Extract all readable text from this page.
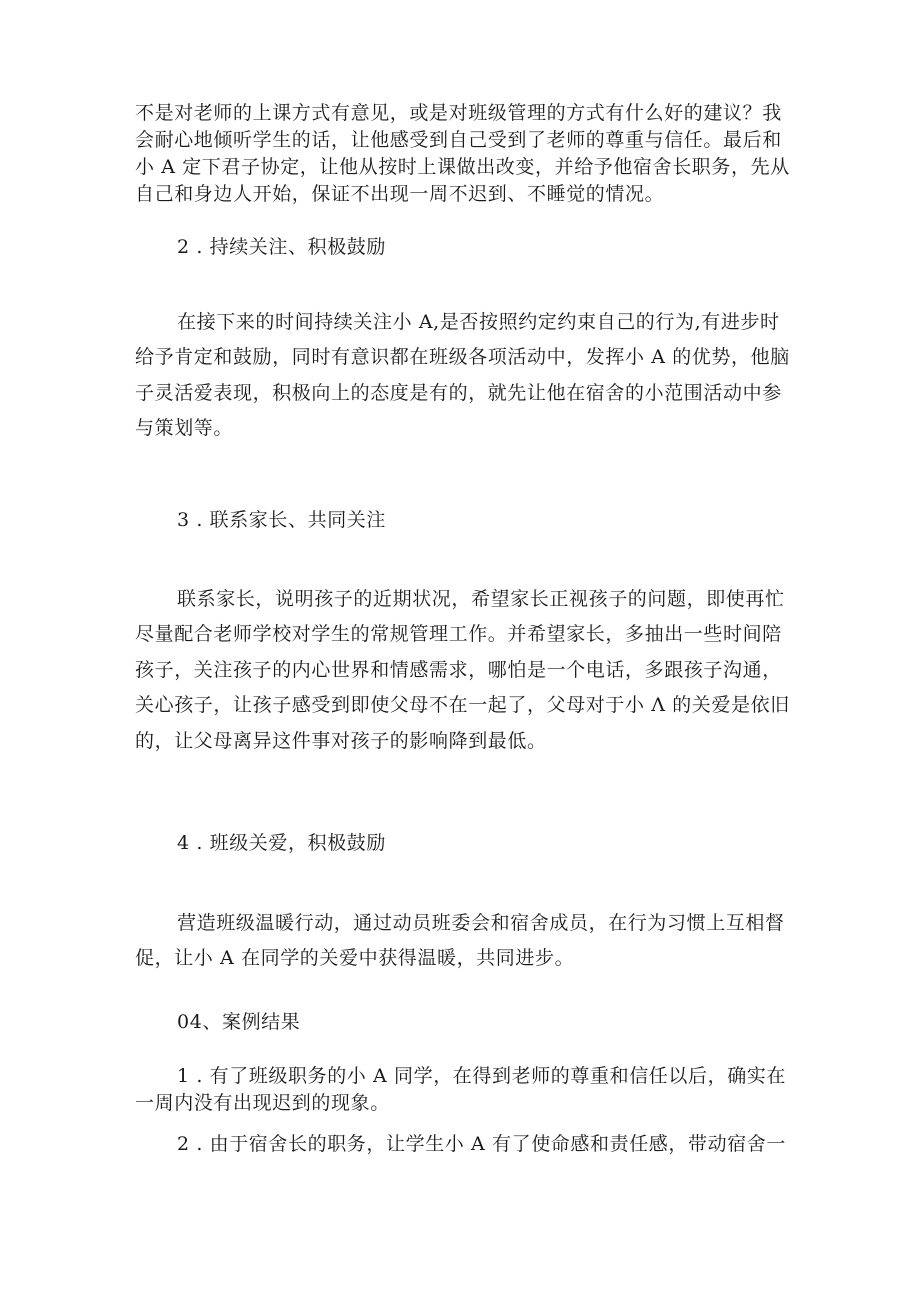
不是对老师的上课方式有意见，或是对班级管理的方式有什么好的建议？我
会耐心地倾听学生的话，让他感受到自己受到了老师的尊重与信任。最后和
小 A 定下君子协定，让他从按时上课做出改变，并给予他宿舍长职务，先从
自己和身边人开始，保证不出现一周不迟到、不睡觉的情况。
2 . 持续关注、积极鼓励
在接下来的时间持续关注小 A,是否按照约定约束自己的行为,有进步时
给予肯定和鼓励，同时有意识都在班级各项活动中，发挥小 A 的优势，他脑
子灵活爱表现，积极向上的态度是有的，就先让他在宿舍的小范围活动中参
与策划等。
3 . 联系家长、共同关注
联系家长，说明孩子的近期状况，希望家长正视孩子的问题，即使再忙
尽量配合老师学校对学生的常规管理工作。并希望家长，多抽出一些时间陪
孩子，关注孩子的内心世界和情感需求，哪怕是一个电话，多跟孩子沟通，
关心孩子，让孩子感受到即使父母不在一起了，父母对于小 Λ 的关爱是依旧
的，让父母离异这件事对孩子的影响降到最低。
4 . 班级关爱，积极鼓励
营造班级温暖行动，通过动员班委会和宿舍成员，在行为习惯上互相督
促，让小 A 在同学的关爱中获得温暖，共同进步。
04、案例结果
1 . 有了班级职务的小 A 同学，在得到老师的尊重和信任以后，确实在
一周内没有出现迟到的现象。
2 . 由于宿舍长的职务，让学生小 A 有了使命感和责任感，带动宿舍一
